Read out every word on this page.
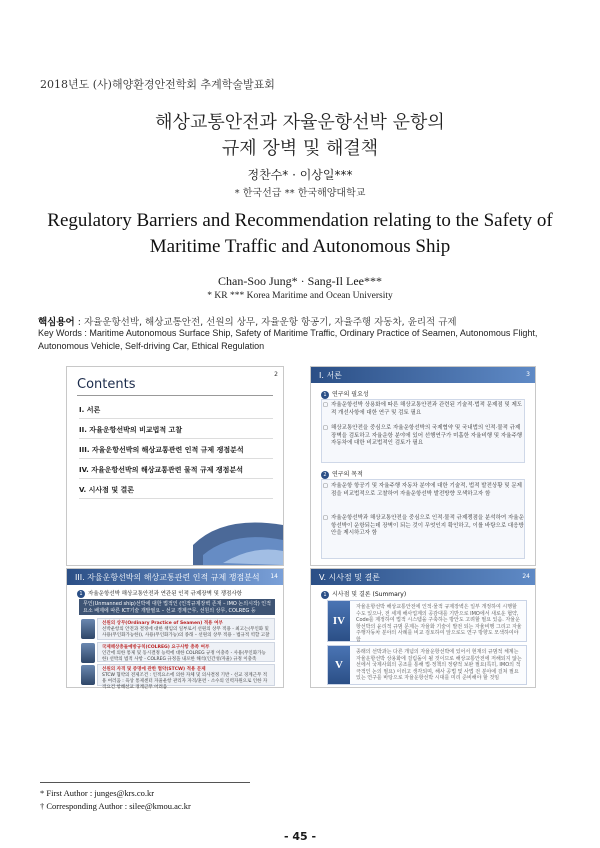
2018년도 (사)해양환경안전학회 추계학술발표회
해상교통안전과 자율운항선박 운항의
규제 장벽 및 해결책
정찬수* · 이상일***
* 한국선급 ** 한국해양대학교
Regulatory Barriers and Recommendation relating to the Safety of
Maritime Traffic and Autonomous Ship
Chan-Soo Jung* · Sang-Il Lee***
* KR *** Korea Maritime and Ocean University
핵심용어 : 자율운항선박, 해상교통안전, 선원의 상무, 자율운항 항공기, 자율주행 자동차, 윤리적 규제
Key Words : Maritime Autonomous Surface Ship, Safety of Maritime Traffic, Ordinary Practice of Seamen, Autonomous Flight, Autonomous Vehicle, Self-driving Car, Ethical Regulation
2
Contents
I. 서론
II. 자율운항선박의 비교법적 고찰
III. 자율운항선박의 해상교통관련 인적 규제 쟁점분석
IV. 자율운항선박의 해상교통관련 물적 규제 쟁점분석
V. 시사점 및 결론
I. 서론	3
1 연구의 필요성
□ 자율운항선박 상용화에 따른 해상교통안전과 관련된 기술적·법적 문제점 및 제도적 개선사항에 대한 연구 및 검토 필요
□ 해상교통안전을 중심으로 자율운항선박의 국제협약 및 국내법의 인적·물적 규제장벽을 검토하고 자율운항 분야에 있어 선행연구가 미흡한 자율비행 및 자율주행자동차에 대한 비교법적인 검토가 필요
2 연구의 목적
□ 자율운항 항공기 및 자율주행 자동차 분야에 대한 기술적, 법적 발전상황 및 문제점을 비교법적으로 고찰하여 자율운항선박 발전방향 모색하고자 함
□ 자율운항선박과 해상교통안전을 중심으로 인적·물적 규제쟁점을 분석하여 자율운항선박이 운항되는데 장벽이 되는 것이 무엇인지 확인하고, 이를 바탕으로 대응방안을 제시하고자 함
III. 자율운항선박의 해상교통관련 인적 규제 쟁점분석 14
1 자율운항선박 해상교통안전과 연관된 인적 규제장벽 및 쟁점사항
무인(Unmanned ship)선박에 대한 법적인 (인적규제장벽 존재 – IMO 논의시작) 인적 요소 배제에 따른 ICT기술 개발필요 – 선교 경계근무, 선원의 상무, COLREG 등
선원의 상무(Ordinary Practice of Seamen) 적용 여부
선박운항의 안전과 결정에 대한 책임의 일부로서 선원의 상무 적용 - 최고는(무인화 및 사용(무인화가능한)), 사용(무인화가능)의 종래 – 선원의 상무 적용 - 법규적 역할 고찰
국제해상충돌예방규칙(COLREG) 요구사항 충족 여부
인간에 의한 통제 및 동시결정 능력에 대한 COLREG 규정 이충족 - 사용(무인화가능한) 선박의 법적 사항 - COLREG 규정을 내포한 해석(인간성/자율) 규정 이충족
선원의 자격 및 증명에 관한 협약(STCW) 적용 문제
STCW 협약의 전제조건 : 인적요소에 의한 자체 및 의사결정 기반 - 선교 경계근무 적용 여러움 : 육상 통제센터 자율운항 관리자 자격/훈련 - 소수의 인력자원으로 인한 자격요건 항해선교 경계근무 어려움
V. 시사점 및 결론	24
1 시사점 및 결론 (Summary)
IV
자율운항선박 해상교통안전에 인적·물적 규제장벽은 일부 개정하여 시행할 수도 있으나, 전 세계 해사업계의 공감대를 기반으로 IMO에서 새로운 협약, Code를 제정하여 법적 시스템을 구축하는 방안도 고려할 필요 있음. 자율운항선박의 윤리적 규범 문제는 자율화 기술이 발전 되는 자율비행 그리고 자율주행자동차 분야의 사례를 비교 검토하여 앞으로도 연구 방향도 모색하여야 함
V
종래의 선박과는 다른 개념의 자율운항선박에 있어서 현재의 규범적 체계는 자율운항선박 상용화에 걸림돌이 될 것이므로 해상교통안전에 저해되지 않는 선에서 국제사회의 공조를 통해 법·정책의 정량적 보완 필요(특히, IMO의 적극적인 논의 필요) 이러고 생각되며, 해사 공법 및 사법 전 분야에 걸쳐 필요 있는 연구를 바탕으로 자율운항선박 시대를 미리 준비해야 할 것임
* First Author : junges@krs.co.kr
† Corresponding Author : silee@kmou.ac.kr
- 45 -
